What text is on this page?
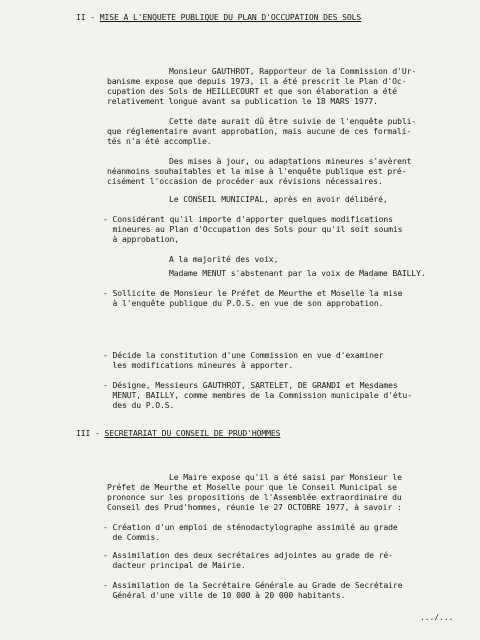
II - MISE A L'ENQUETE PUBLIQUE DU PLAN D'OCCUPATION DES SOLS
Monsieur GAUTHROT, Rapporteur de la Commission d'Ur-
banisme expose que depuis 1973, il a été prescrit le Plan d'Oc-
cupation des Sols de HEILLECOURT et que son élaboration a été
relativement longue avant sa publication le 18 MARS 1977.
Cette date aurait dû être suivie de l'enquête publi-
que réglementaire avant approbation, mais aucune de ces formali-
tés n'a été accomplie.
Des mises à jour, ou adaptations mineures s'avèrent
néanmoins souhaitables et la mise à l'enquête publique est pré-
cisément l'occasion de procéder aux révisions nécessaires.
Le CONSEIL MUNICIPAL, après en avoir délibéré,
- Considérant qu'il importe d'apporter quelques modifications
mineures au Plan d'Occupation des Sols pour qu'il soit soumis
à approbation,
A la majorité des voix,
Madame MENUT s'abstenant par la voix de Madame BAILLY.
- Sollicite de Monsieur le Préfet de Meurthe et Moselle la mise
à l'enquête publique du P.O.S. en vue de son approbation.
- Décide la constitution d'une Commission en vue d'examiner
les modifications mineures à apporter.
- Désigne, Messieurs GAUTHROT, SARTELET, DE GRANDI et Mesdames
MENUT, BAILLY, comme membres de la Commission municipale d'étu-
des du P.O.S.
III - SECRETARIAT DU CONSEIL DE PRUD'HOMMES
Le Maire expose qu'il a été saisi par Monsieur le
Préfet de Meurthe et Moselle pour que le Conseil Municipal se
prononce sur les propositions de l'Assemblée extraordinaire du
Conseil des Prud'hommes, réunie le 27 OCTOBRE 1977, à savoir :
- Création d'un emploi de sténodactylographe assimilé au grade
de Commis.
- Assimilation des deux secrétaires adjointes au grade de ré-
dacteur principal de Mairie.
- Assimilation de la Secrétaire Générale au Grade de Secrétaire
Général d'une ville de 10 000 à 20 000 habitants.
.../...
